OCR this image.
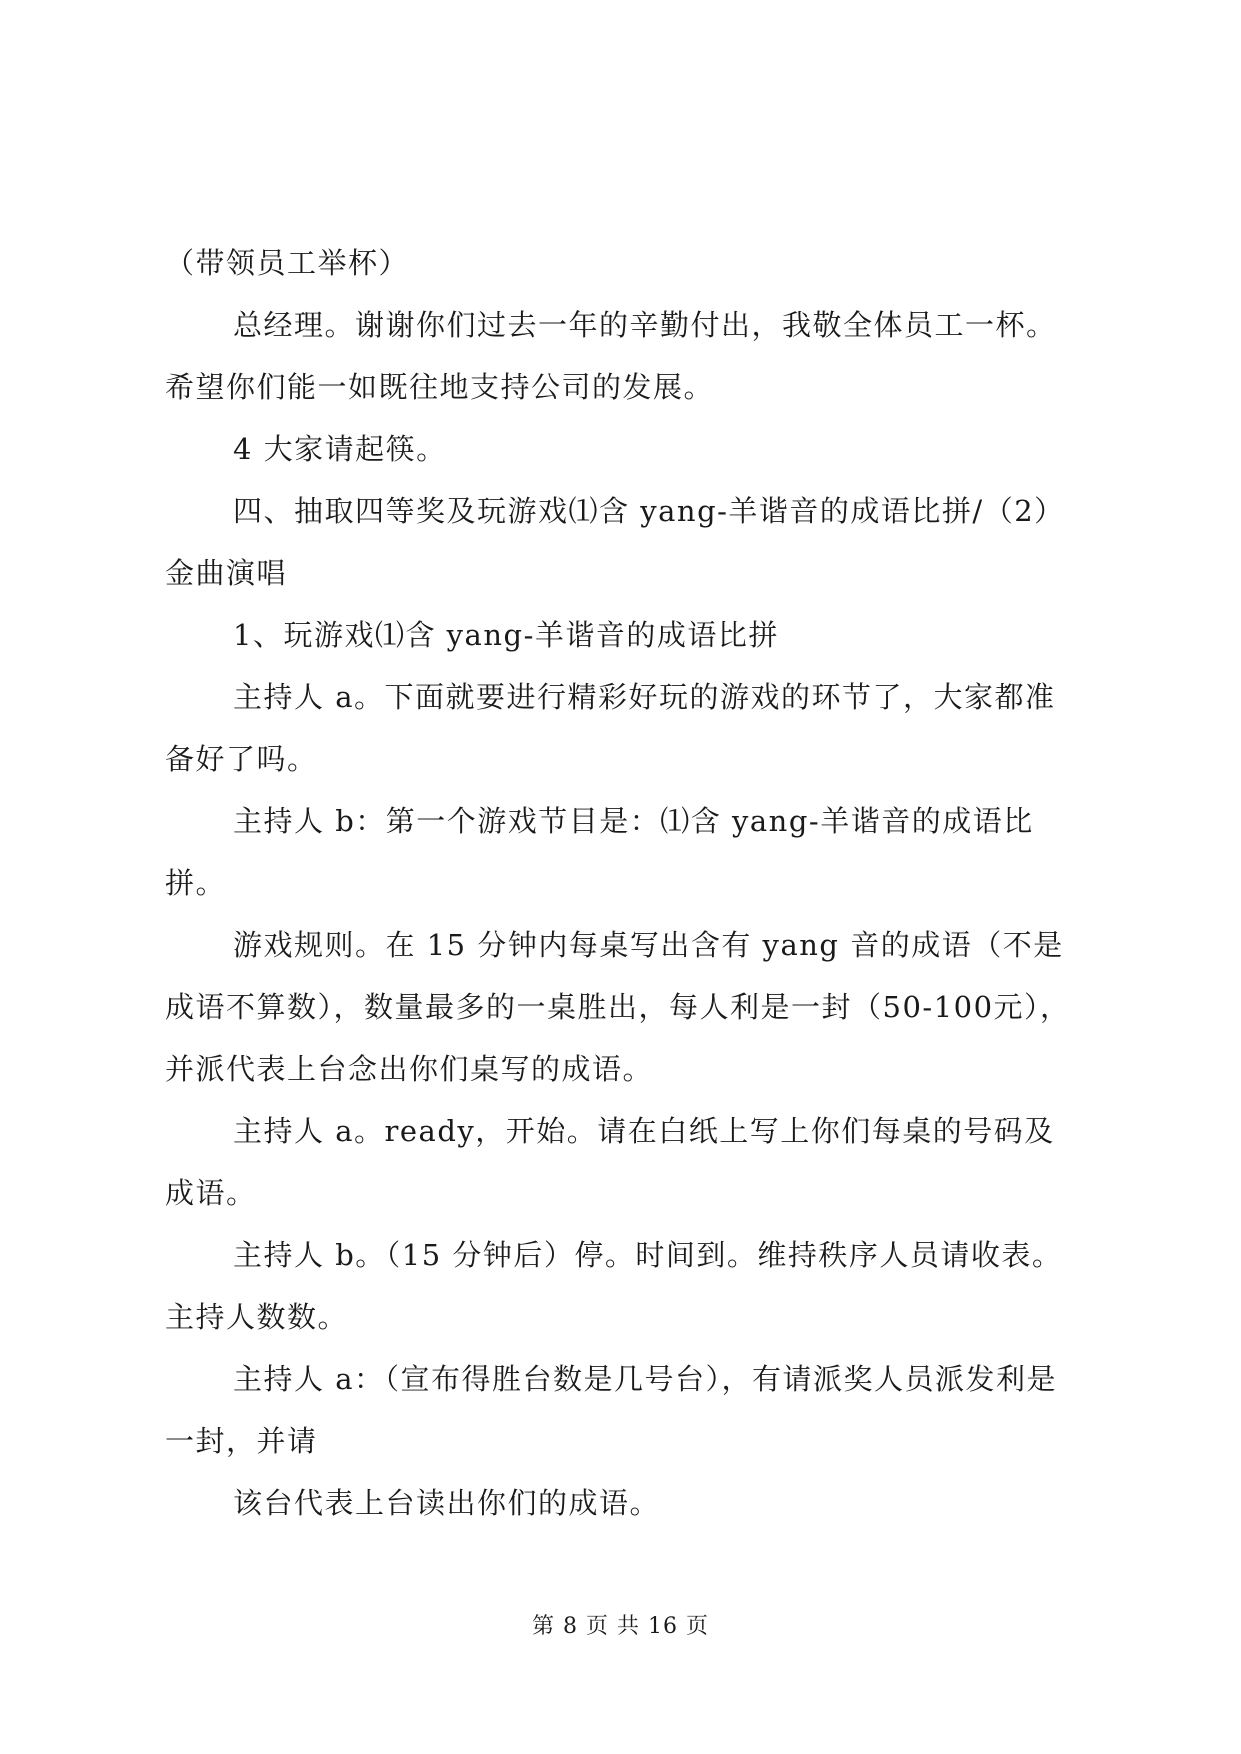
（带领员工举杯）

总经理。谢谢你们过去一年的辛勤付出，我敬全体员工一杯。希望你们能一如既往地支持公司的发展。

4 大家请起筷。

四、抽取四等奖及玩游戏⑴含 yang-羊谐音的成语比拼/（2）金曲演唱

1、玩游戏⑴含 yang-羊谐音的成语比拼

主持人 a。下面就要进行精彩好玩的游戏的环节了，大家都准备好了吗。

主持人 b：第一个游戏节目是：⑴含 yang-羊谐音的成语比拼。

游戏规则。在 15 分钟内每桌写出含有 yang 音的成语（不是成语不算数），数量最多的一桌胜出，每人利是一封（50-100元），并派代表上台念出你们桌写的成语。

主持人 a。ready，开始。请在白纸上写上你们每桌的号码及成语。

主持人 b。（15 分钟后）停。时间到。维持秩序人员请收表。主持人数数。

主持人 a：（宣布得胜台数是几号台），有请派奖人员派发利是一封，并请

该台代表上台读出你们的成语。

第 8 页 共 16 页
